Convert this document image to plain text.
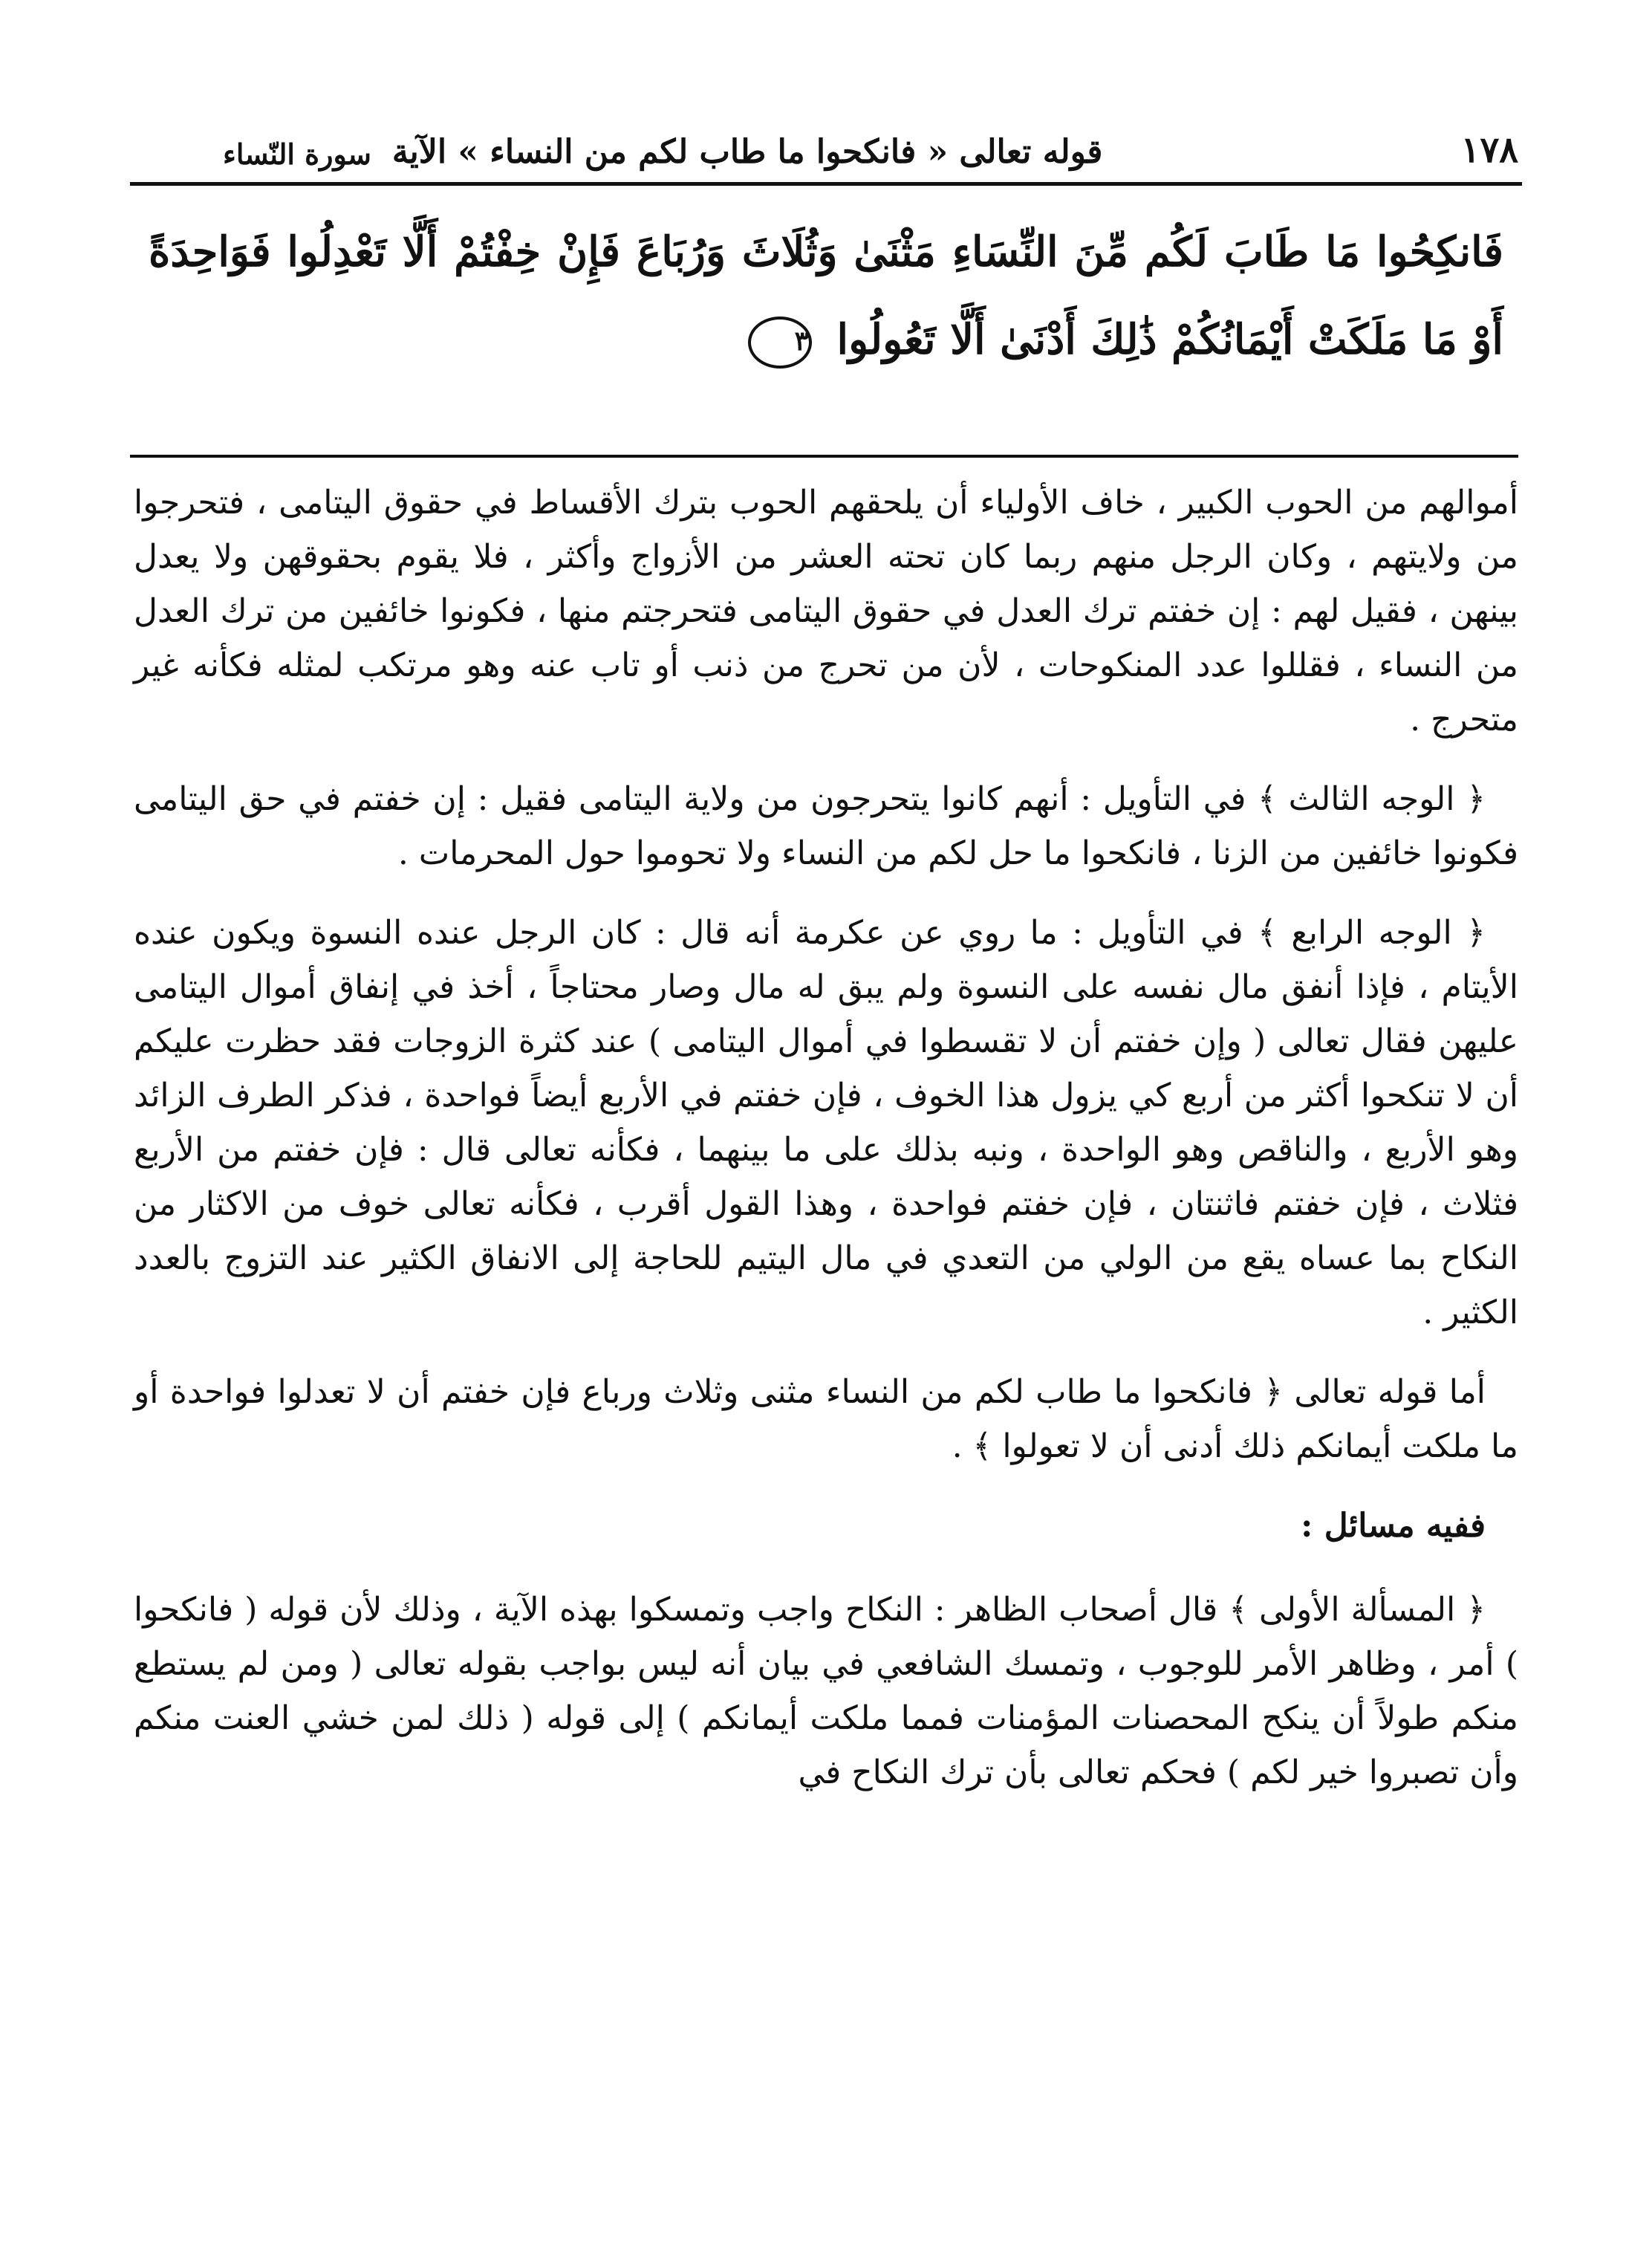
١٧٨
قوله تعالى « فانكحوا ما طاب لكم من النساء » الآية
سورة النّساء
فَانكِحُوا مَا طَابَ لَكُم مِّنَ النِّسَاءِ مَثْنَىٰ وَثُلَاثَ وَرُبَاعَ فَإِنْ خِفْتُمْ أَلَّا تَعْدِلُوا فَوَاحِدَةً أَوْ مَا مَلَكَتْ أَيْمَانُكُمْ ذَٰلِكَ أَدْنَىٰ أَلَّا تَعُولُوا ٣

أموالهم من الحوب الكبير ، خاف الأولياء أن يلحقهم الحوب بترك الأقساط في حقوق اليتامى ، فتحرجوا من ولايتهم ، وكان الرجل منهم ربما كان تحته العشر من الأزواج وأكثر ، فلا يقوم بحقوقهن ولا يعدل بينهن ، فقيل لهم : إن خفتم ترك العدل في حقوق اليتامى فتحرجتم منها ، فكونوا خائفين من ترك العدل من النساء ، فقللوا عدد المنكوحات ، لأن من تحرج من ذنب أو تاب عنه وهو مرتكب لمثله فكأنه غير متحرج .

﴿ الوجه الثالث ﴾ في التأويل : أنهم كانوا يتحرجون من ولاية اليتامى فقيل : إن خفتم في حق اليتامى فكونوا خائفين من الزنا ، فانكحوا ما حل لكم من النساء ولا تحوموا حول المحرمات .

﴿ الوجه الرابع ﴾ في التأويل : ما روي عن عكرمة أنه قال : كان الرجل عنده النسوة ويكون عنده الأيتام ، فإذا أنفق مال نفسه على النسوة ولم يبق له مال وصار محتاجاً ، أخذ في إنفاق أموال اليتامى عليهن فقال تعالى ( وإن خفتم أن لا تقسطوا في أموال اليتامى ) عند كثرة الزوجات فقد حظرت عليكم أن لا تنكحوا أكثر من أربع كي يزول هذا الخوف ، فإن خفتم في الأربع أيضاً فواحدة ، فذكر الطرف الزائد وهو الأربع ، والناقص وهو الواحدة ، ونبه بذلك على ما بينهما ، فكأنه تعالى قال : فإن خفتم من الأربع فثلاث ، فإن خفتم فاثنتان ، فإن خفتم فواحدة ، وهذا القول أقرب ، فكأنه تعالى خوف من الاكثار من النكاح بما عساه يقع من الولي من التعدي في مال اليتيم للحاجة إلى الانفاق الكثير عند التزوج بالعدد الكثير .

أما قوله تعالى ﴿ فانكحوا ما طاب لكم من النساء مثنى وثلاث ورباع فإن خفتم أن لا تعدلوا فواحدة أو ما ملكت أيمانكم ذلك أدنى أن لا تعولوا ﴾ .

ففيه مسائل :

﴿ المسألة الأولى ﴾ قال أصحاب الظاهر : النكاح واجب وتمسكوا بهذه الآية ، وذلك لأن قوله ( فانكحوا ) أمر ، وظاهر الأمر للوجوب ، وتمسك الشافعي في بيان أنه ليس بواجب بقوله تعالى ( ومن لم يستطع منكم طولاً أن ينكح المحصنات المؤمنات فمما ملكت أيمانكم ) إلى قوله ( ذلك لمن خشي العنت منكم وأن تصبروا خير لكم ) فحكم تعالى بأن ترك النكاح في
